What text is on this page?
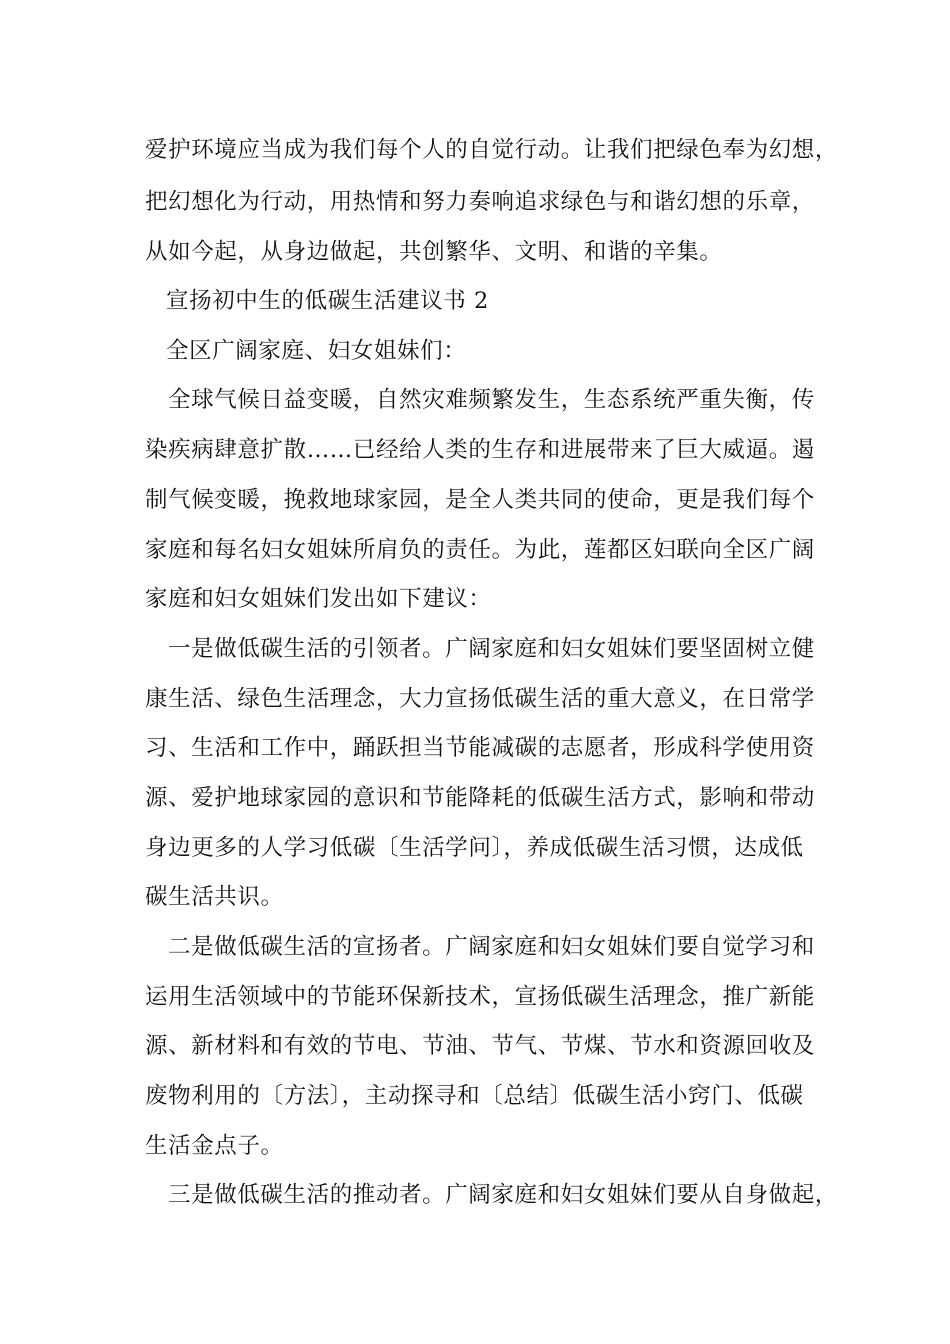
爱护环境应当成为我们每个人的自觉行动。让我们把绿色奉为幻想，
把幻想化为行动，用热情和努力奏响追求绿色与和谐幻想的乐章，
从如今起，从身边做起，共创繁华、文明、和谐的辛集。
宣扬初中生的低碳生活建议书 2
全区广阔家庭、妇女姐妹们：
全球气候日益变暖，自然灾难频繁发生，生态系统严重失衡，传
染疾病肆意扩散……已经给人类的生存和进展带来了巨大威逼。遏
制气候变暖，挽救地球家园，是全人类共同的使命，更是我们每个
家庭和每名妇女姐妹所肩负的责任。为此，莲都区妇联向全区广阔
家庭和妇女姐妹们发出如下建议：
一是做低碳生活的引领者。广阔家庭和妇女姐妹们要坚固树立健
康生活、绿色生活理念，大力宣扬低碳生活的重大意义，在日常学
习、生活和工作中，踊跃担当节能减碳的志愿者，形成科学使用资
源、爱护地球家园的意识和节能降耗的低碳生活方式，影响和带动
身边更多的人学习低碳〔生活学问〕，养成低碳生活习惯，达成低
碳生活共识。
二是做低碳生活的宣扬者。广阔家庭和妇女姐妹们要自觉学习和
运用生活领域中的节能环保新技术，宣扬低碳生活理念，推广新能
源、新材料和有效的节电、节油、节气、节煤、节水和资源回收及
废物利用的〔方法〕，主动探寻和〔总结〕低碳生活小窍门、低碳
生活金点子。
三是做低碳生活的推动者。广阔家庭和妇女姐妹们要从自身做起，
